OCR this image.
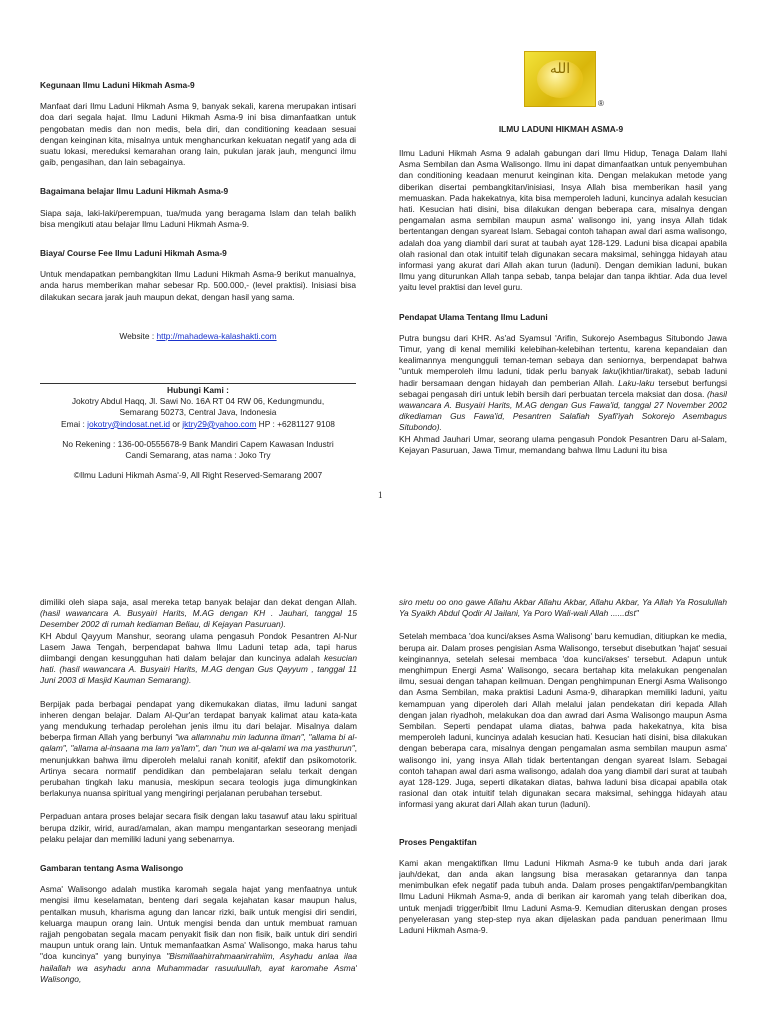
Kegunaan Ilmu Laduni Hikmah Asma-9
Manfaat dari Ilmu Laduni Hikmah Asma 9, banyak sekali, karena merupakan intisari doa dari segala hajat. Ilmu Laduni Hikmah Asma-9 ini bisa dimanfaatkan untuk pengobatan medis dan non medis, bela diri, dan conditioning keadaan sesuai dengan keinginan kita, misalnya untuk menghancurkan kekuatan negatif yang ada di suatu lokasi, mereduksi kemarahan orang lain, pukulan jarak jauh, mengunci ilmu gaib, pengasihan, dan lain sebagainya.
Bagaimana belajar Ilmu Laduni Hikmah Asma-9
Siapa saja, laki-laki/perempuan, tua/muda yang beragama Islam dan telah balikh bisa mengikuti atau belajar Ilmu Laduni Hikmah Asma-9.
Biaya/ Course Fee Ilmu Laduni Hikmah Asma-9
Untuk mendapatkan pembangkitan Ilmu Laduni Hikmah Asma-9 berikut manualnya, anda harus memberikan mahar sebesar Rp. 500.000,- (level praktisi). Inisiasi bisa dilakukan secara jarak jauh maupun dekat, dengan hasil yang sama.
Website : http://mahadewa-kalashakti.com
Hubungi Kami :
Jokotry Abdul Haqq, Jl. Sawi No. 16A RT 04 RW 06, Kedungmundu,
Semarang 50273, Central Java, Indonesia
Emai : jokotry@indosat.net.id or jktry29@yahoo.com HP : +6281127 9108
No Rekening : 136-00-0555678-9 Bank Mandiri Capem Kawasan Industri
Candi Semarang, atas nama : Joko Try
©Ilmu Laduni Hikmah Asma'-9, All Right Reserved-Semarang 2007
الله
®
ILMU LADUNI HIKMAH ASMA-9
Ilmu Laduni Hikmah Asma 9 adalah gabungan dari Ilmu Hidup, Tenaga Dalam Ilahi Asma Sembilan dan Asma Walisongo. Ilmu ini dapat dimanfaatkan untuk penyembuhan dan conditioning keadaan menurut keinginan kita. Dengan melakukan metode yang diberikan disertai pembangkitan/inisiasi, Insya Allah bisa memberikan hasil yang memuaskan. Pada hakekatnya, kita bisa memperoleh laduni, kuncinya adalah kesucian hati. Kesucian hati disini, bisa dilakukan dengan beberapa cara, misalnya dengan pengamalan asma sembilan maupun asma' walisongo ini, yang insya Allah tidak bertentangan dengan syareat Islam. Sebagai contoh tahapan awal dari asma walisongo, adalah doa yang diambil dari surat at taubah ayat 128-129. Laduni bisa dicapai apabila olah rasional dan otak intuitif telah digunakan secara maksimal, sehingga hidayah atau informasi yang akurat dari Allah akan turun (laduni). Dengan demikian laduni, bukan Ilmu yang diturunkan Allah tanpa sebab, tanpa belajar dan tanpa ikhtiar. Ada dua level yaitu level praktisi dan level guru.
Pendapat Ulama Tentang Ilmu Laduni
Putra bungsu dari KHR. As'ad Syamsul 'Arifin, Sukorejo Asembagus Situbondo Jawa Timur, yang di kenal memiliki kelebihan-kelebihan tertentu, karena kepandaian dan kealimannya mengungguli teman-teman sebaya dan seniornya, berpendapat bahwa "untuk memperoleh ilmu laduni, tidak perlu banyak laku(ikhtiar/tirakat), sebab laduni hadir bersamaan dengan hidayah dan pemberian Allah. Laku-laku tersebut berfungsi sebagai pengasah diri untuk lebih bersih dari perbuatan tercela maksiat dan dosa. (hasil wawancara A. Busyairi Harits, M.AG dengan Gus Fawa'id, tanggal 27 November 2002 dikediaman Gus Fawa'id, Pesantren Salafiah Syafi'iyah Sokorejo Asembagus Situbondo).
KH Ahmad Jauhari Umar, seorang ulama pengasuh Pondok Pesantren Daru al-Salam, Kejayan Pasuruan, Jawa Timur, memandang bahwa Ilmu Laduni itu bisa
1
dimiliki oleh siapa saja, asal mereka tetap banyak belajar dan dekat dengan Allah. (hasil wawancara A. Busyairi Harits, M.AG dengan KH . Jauhari, tanggal 15 Desember 2002 di rumah kediaman Beliau, di Kejayan Pasuruan).
KH Abdul Qayyum Manshur, seorang ulama pengasuh Pondok Pesantren Al-Nur Lasem Jawa Tengah, berpendapat bahwa Ilmu Laduni tetap ada, tapi harus diimbangi dengan kesungguhan hati dalam belajar dan kuncinya adalah kesucian hati. (hasil wawancara A. Busyairi Harits, M.AG dengan Gus Qayyum , tanggal 11 Juni 2003 di Masjid Kauman Semarang).
Berpijak pada berbagai pendapat yang dikemukakan diatas, ilmu laduni sangat inheren dengan belajar. Dalam Al-Qur'an terdapat banyak kalimat atau kata-kata yang mendukung terhadap perolehan jenis ilmu itu dari belajar. Misalnya dalam beberpa firman Allah yang berbunyi "wa allamnahu min ladunna ilman", "allama bi al-qalam", "allama al-insaana ma lam ya'lam", dan "nun wa al-qalami wa ma yasthurun", menunjukkan bahwa ilmu diperoleh melalui ranah konitif, afektif dan psikomotorik. Artinya secara normatif pendidikan dan pembelajaran selalu terkait dengan perubahan tingkah laku manusia, meskipun secara teologis juga dimungkinkan berlakunya nuansa spiritual yang mengiringi perjalanan perubahan tersebut.
Perpaduan antara proses belajar secara fisik dengan laku tasawuf atau laku spiritual berupa dzikir, wirid, aurad/amalan, akan mampu mengantarkan seseorang menjadi pelaku pelajar dan memiliki laduni yang sebenarnya.
Gambaran tentang Asma Walisongo
Asma' Walisongo adalah mustika karomah segala hajat yang menfaatnya untuk mengisi ilmu keselamatan, benteng dari segala kejahatan kasar maupun halus, pentalkan musuh, kharisma agung dan lancar rizki, baik untuk mengisi diri sendiri, keluarga maupun orang lain. Untuk mengisi benda dan untuk membuat ramuan rajjah pengobatan segala macam penyakit fisik dan non fisik, baik untuk diri sendiri maupun untuk orang lain. Untuk memanfaatkan Asma' Walisongo, maka harus tahu "doa kuncinya" yang bunyinya "Bismillaahirrahmaanirrahiim, Asyhadu anlaa ilaa hailallah wa asyhadu anna Muhammadar rasuuluullah, ayat karomahe Asma' Walisongo,
siro metu oo ono gawe Allahu Akbar Allahu Akbar, Allahu Akbar, Ya Allah Ya Rosulullah Ya Syaikh Abdul Qodir Al Jailani, Ya Poro Wali-wali Allah ......dst"
Setelah membaca 'doa kunci/akses Asma Walisong' baru kemudian, ditiupkan ke media, berupa air. Dalam proses pengisian Asma Walisongo, tersebut disebutkan 'hajat' sesuai keinginannya, setelah selesai membaca 'doa kunci/akses' tersebut. Adapun untuk menghimpun Energi Asma' Walisongo, secara bertahap kita melakukan pengenalan ilmu, sesuai dengan tahapan keilmuan. Dengan penghimpunan Energi Asma Walisongo dan Asma Sembilan, maka praktisi Laduni Asma-9, diharapkan memiliki laduni, yaitu kemampuan yang diperoleh dari Allah melalui jalan pendekatan diri kepada Allah dengan jalan riyadhoh, melakukan doa dan awrad dari Asma Walisongo maupun Asma Sembilan. Seperti pendapat ulama diatas, bahwa pada hakekatnya, kita bisa memperoleh laduni, kuncinya adalah kesucian hati. Kesucian hati disini, bisa dilakukan dengan beberapa cara, misalnya dengan pengamalan asma sembilan maupun asma' walisongo ini, yang insya Allah tidak bertentangan dengan syareat Islam. Sebagai contoh tahapan awal dari asma walisongo, adalah doa yang diambil dari surat at taubah ayat 128-129. Juga, seperti dikatakan diatas, bahwa laduni bisa dicapai apabila otak rasional dan otak intuitif telah digunakan secara maksimal, sehingga hidayah atau informasi yang akurat dari Allah akan turun (laduni).
Proses Pengaktifan
Kami akan mengaktifkan Ilmu Laduni Hikmah Asma-9 ke tubuh anda dari jarak jauh/dekat, dan anda akan langsung bisa merasakan getarannya dan tanpa menimbulkan efek negatif pada tubuh anda. Dalam proses pengaktifan/pembangkitan Ilmu Laduni Hikmah Asma-9, anda di berikan air karomah yang telah diberikan doa, untuk menjadi trigger/bibit Ilmu Laduni Asma-9. Kemudian diteruskan dengan proses penyelerasan yang step-step nya akan dijelaskan pada panduan penerimaan Ilmu Laduni Hikmah Asma-9.
